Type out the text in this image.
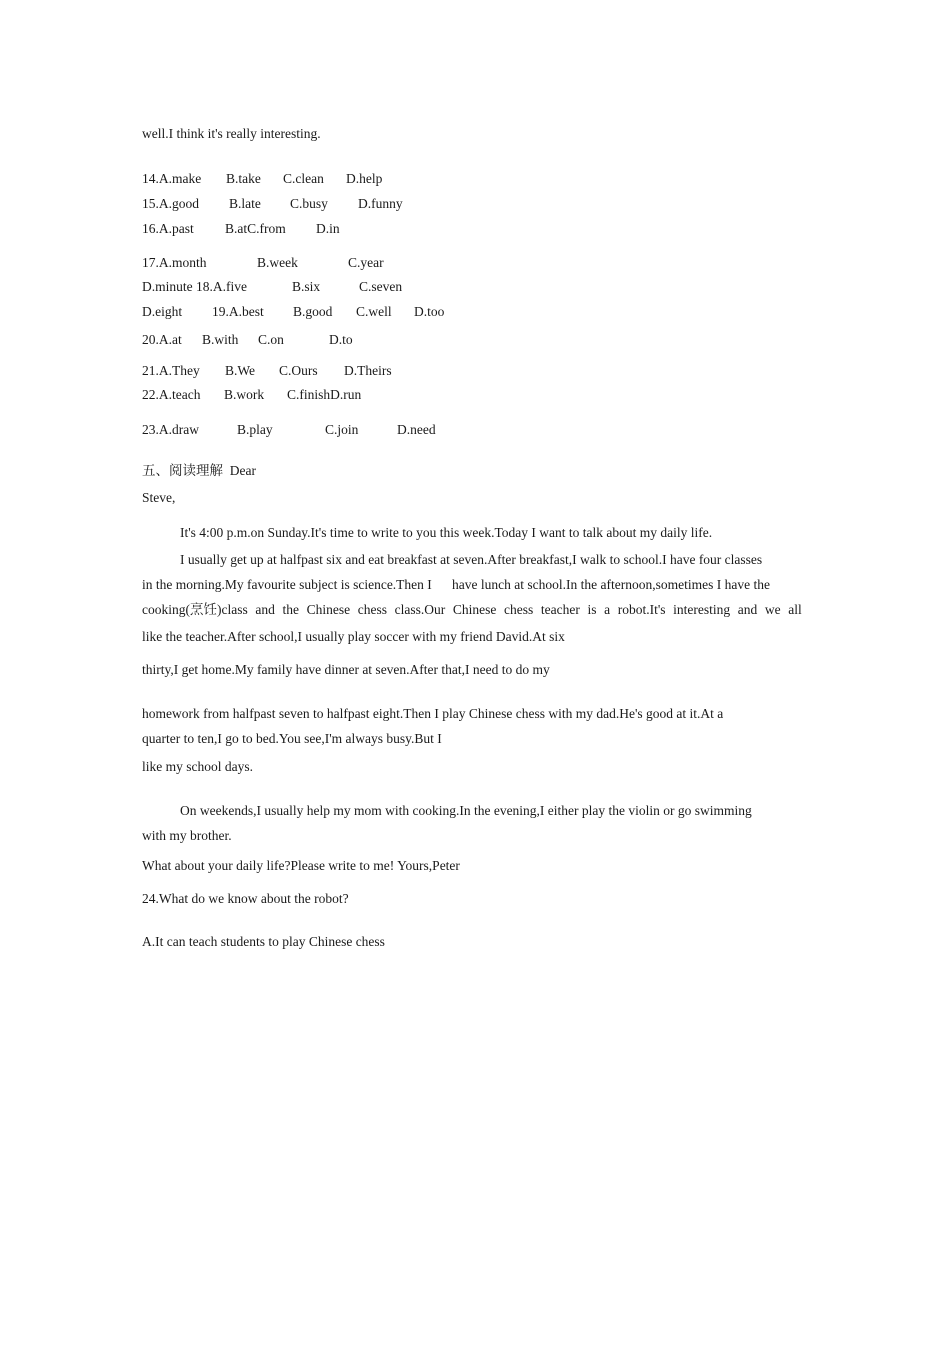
well.I think it's really interesting.
14.A.make B.take C.clean D.help
15.A.good B.late C.busy D.funny
16.A.past B.atC.from D.in
17.A.month	B.week	C.year
D.minute 18.A.five	B.six	C.seven
D.eight 19.A.best B.good C.well D.too
20.A.at B.with C.on	D.to
21.A.They B.We C.Ours D.Theirs
22.A.teach B.work C.finishD.run
23.A.draw	B.play	C.join	D.need
五、阅读理解  Dear
Steve,
It's 4:00 p.m.on Sunday.It's time to write to you this week.Today I want to talk about my daily life.
I usually get up at halfpast six and eat breakfast at seven.After breakfast,I walk to school.I have four classes
in the morning.My favourite subject is science.Then I      have lunch at school.In the afternoon,sometimes I have the
cooking(烹饪)class and the Chinese chess class.Our Chinese chess teacher is a robot.It's interesting and we all
like the teacher.After school,I usually play soccer with my friend David.At six
thirty,I get home.My family have dinner at seven.After that,I need to do my
homework from halfpast seven to halfpast eight.Then I play Chinese chess with my dad.He's good at it.At a
quarter to ten,I go to bed.You see,I'm always busy.But I
like my school days.
On weekends,I usually help my mom with cooking.In the evening,I either play the violin or go swimming
with my brother.
What about your daily life?Please write to me! Yours,Peter
24.What do we know about the robot?
A.It can teach students to play Chinese chess
